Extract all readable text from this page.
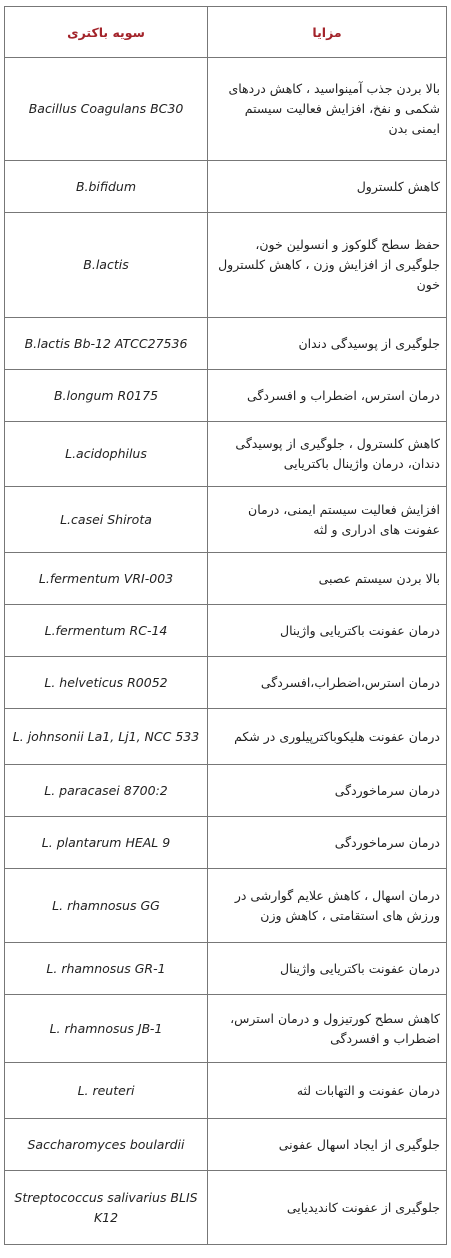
مزایا	سویه باکتری
بالا بردن جذب آمینواسید ، کاهش دردهای شکمی و نفخ، افزایش فعالیت سیستم ایمنی بدن	Bacillus Coagulans BC30
کاهش کلسترول	B.bifidum
حفظ سطح گلوکوز و انسولین خون، جلوگیری از افزایش وزن ، کاهش کلسترول خون	B.lactis
جلوگیری از پوسیدگی دندان	B.lactis Bb-12 ATCC27536
درمان استرس، اضطراب و افسردگی	B.longum R0175
کاهش کلسترول ، جلوگیری از پوسیدگی دندان، درمان واژینال باکتریایی	L.acidophilus
افزایش فعالیت سیستم ایمنی، درمان عفونت های ادراری و لثه	L.casei Shirota
بالا بردن سیستم عصبی	L.fermentum VRI-003
درمان عفونت باکتریایی واژینال	L.fermentum RC-14
درمان استرس،اضطراب،افسردگی	L. helveticus R0052
درمان عفونت هلیکوباکترپیلوری در شکم	L. johnsonii La1, Lj1, NCC 533
درمان سرماخوردگی	L. paracasei 8700:2
درمان سرماخوردگی	L. plantarum HEAL 9
درمان اسهال ، کاهش علایم گوارشی در ورزش های استقامتی ، کاهش وزن	L. rhamnosus GG
درمان عفونت باکتریایی واژینال	L. rhamnosus GR-1
کاهش سطح کورتیزول و درمان استرس، اضطراب و افسردگی	L. rhamnosus JB-1
درمان عفونت و التهابات لثه	L. reuteri
جلوگیری از ایجاد اسهال عفونی	Saccharomyces boulardii
جلوگیری از عفونت کاندیدیایی	Streptococcus salivarius BLIS K12
